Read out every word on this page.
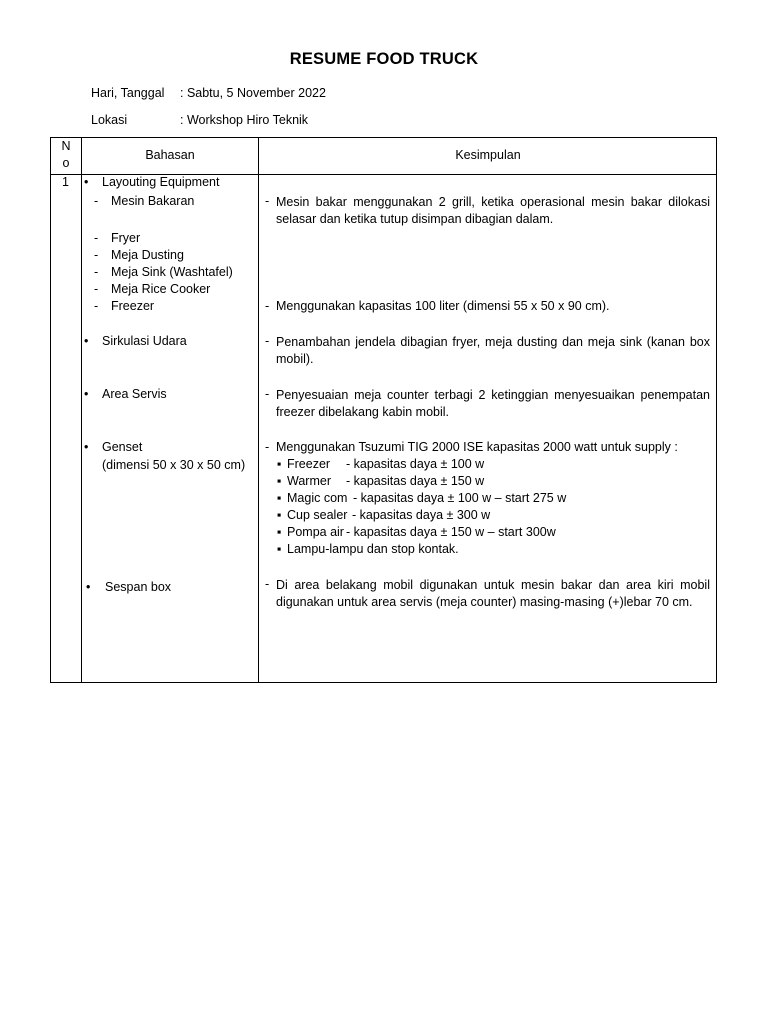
RESUME FOOD TRUCK
Hari, Tanggal : Sabtu, 5 November 2022
Lokasi	: Workshop Hiro Teknik
N
o
Bahasan	Kesimpulan
1
•	Layouting Equipment
-
Mesin Bakaran
-
Fryer
-
Meja Dusting
-
Meja Sink (Washtafel)
-
Meja Rice Cooker
-
Freezer
•
Sirkulasi Udara
•
Area Servis
•
Genset
(dimensi 50 x 30 x 50 cm)
•
Sespan box
-
Mesin bakar menggunakan 2 grill, ketika operasional mesin bakar dilokasi selasar dan ketika tutup disimpan dibagian dalam.
-
Menggunakan kapasitas 100 liter (dimensi 55 x 50 x 90 cm).
-
Penambahan jendela dibagian fryer, meja dusting dan meja sink (kanan box mobil).
-
Penyesuaian meja counter terbagi 2 ketinggian menyesuaikan penempatan freezer dibelakang kabin mobil.
-
Menggunakan Tsuzumi TIG 2000 ISE kapasitas 2000 watt untuk supply :
▪
Freezer - kapasitas daya ± 100 w
▪
Warmer - kapasitas daya ± 150 w
▪
Magic com - kapasitas daya ± 100 w – start 275 w
▪
Cup sealer - kapasitas daya ± 300 w
▪
Pompa air - kapasitas daya ± 150 w – start 300w
▪
Lampu-lampu dan stop kontak.
-
Di area belakang mobil digunakan untuk mesin bakar dan area kiri mobil digunakan untuk area servis (meja counter) masing-masing (+)lebar 70 cm.
